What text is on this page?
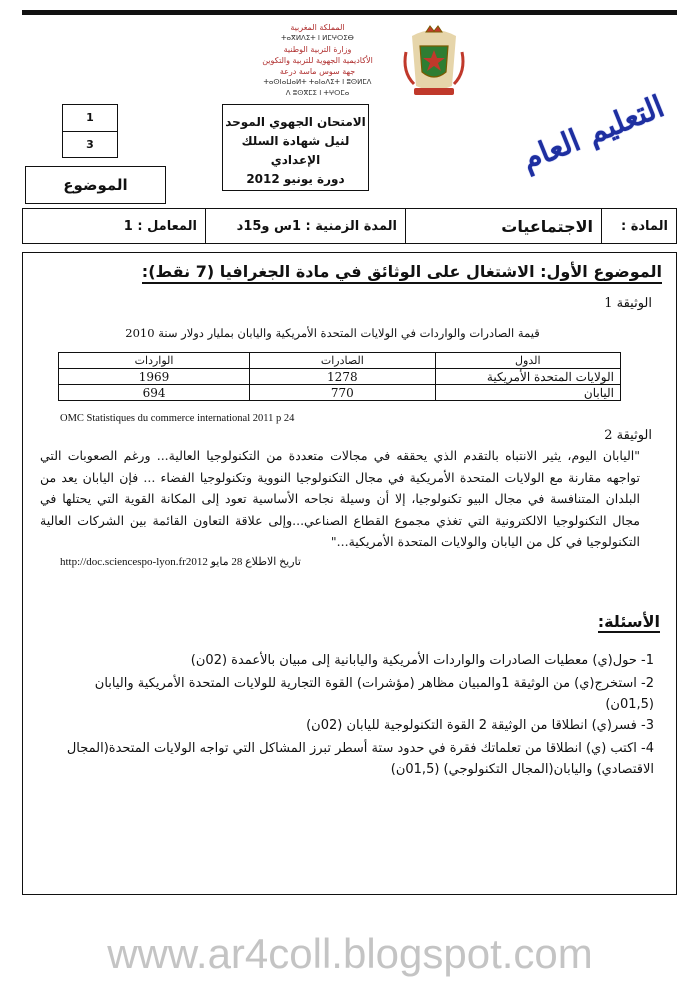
المملكة المغربية
ⵜⴰⴳⵍⴷⵉⵜ ⵏ ⵍⵎⵖⵔⵉⴱ
وزارة التربية الوطنية
الأكاديمية الجهوية للتربية والتكوين
جهة سوس ماسة درعة
ⵜⴰⵙⵏⴰⵡⴰⵍⵜ ⵜⴰⵏⴰⴷⵉⵜ ⵏ ⵓⵙⵍⵎⴷ
ⴷ ⵓⵙⴳⵎⵉ ⵏ ⵜⵖⵔⵎⴰ
الامتحان الجهوي الموحد
لنيل شهادة السلك الإعدادي
دورة يونيو 2012
1
3
الموضوع
التعليم العام
المادة :
الاجتماعيات
المدة الزمنية : 1س و15د
المعامل : 1
الموضوع الأول: الاشتغال على الوثائق في مادة الجغرافيا (7 نقط):
الوثيقة 1
قيمة الصادرات والواردات في الولايات المتحدة الأمريكية واليابان بمليار دولار سنة 2010
الدول	الصادرات	الواردات
الولايات المتحدة الأمريكية	1278	1969
اليابان	770	694
OMC Statistiques du commerce international 2011 p 24
الوثيقة 2
"اليابان اليوم، يثير الانتباه بالتقدم الذي يحققه في مجالات متعددة من التكنولوجيا العالية... ورغم الصعوبات التي تواجهه مقارنة مع الولايات المتحدة الأمريكية في مجال التكنولوجيا النووية وتكنولوجيا الفضاء ... فإن اليابان يعد من البلدان المتنافسة في مجال البيو تكنولوجيا، إلا أن وسيلة نجاحه الأساسية تعود إلى المكانة القوية التي يحتلها في مجال التكنولوجيا الالكترونية التي تغذي مجموع القطاع الصناعي...وإلى علاقة التعاون القائمة بين الشركات العالية التكنولوجيا في كل من اليابان والولايات المتحدة الأمريكية..."
http://doc.sciencespo-lyon.fr2012 تاريخ الاطلاع 28 مايو
الأسئلة:
1- حول(ي) معطيات الصادرات والواردات الأمريكية واليابانية إلى مبيان بالأعمدة (02ن)
2- استخرج(ي) من الوثيقة 1والمبيان مظاهر (مؤشرات) القوة التجارية للولايات المتحدة الأمريكية واليابان (01,5ن)
3- فسر(ي) انطلاقا من الوثيقة 2 القوة التكنولوجية لليابان (02ن)
4- اكتب (ي) انطلاقا من تعلماتك فقرة في حدود ستة أسطر تبرز المشاكل التي تواجه الولايات المتحدة(المجال الاقتصادي) واليابان(المجال التكنولوجي) (01,5ن)
www.ar4coll.blogspot.com
